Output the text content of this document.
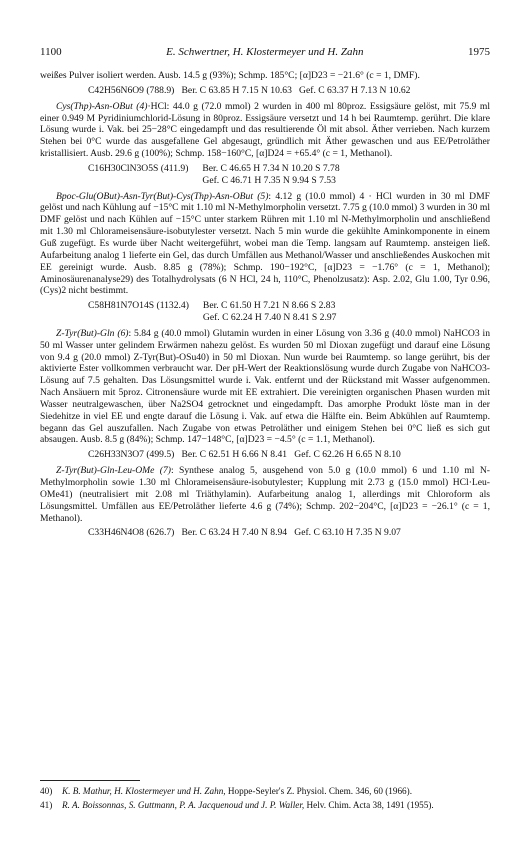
1100	E. Schwertner, H. Klostermeyer und H. Zahn	1975

weißes Pulver isoliert werden. Ausb. 14.5 g (93%); Schmp. 185°C; [α]D23 = −21.6° (c = 1, DMF).

C42H56N6O9 (788.9)   Ber. C 63.85 H 7.15 N 10.63   Gef. C 63.37 H 7.13 N 10.62

Cys(Thp)-Asn-OBut (4)·HCl: 44.0 g (72.0 mmol) 2 wurden in 400 ml 80proz. Essigsäure gelöst, mit 75.9 ml einer 0.949 M Pyridiniumchlorid-Lösung in 80proz. Essigsäure versetzt und 14 h bei Raumtemp. gerührt. Die klare Lösung wurde i. Vak. bei 25−28°C eingedampft und das resultierende Öl mit absol. Äther verrieben. Nach kurzem Stehen bei 0°C wurde das ausgefallene Gel abgesaugt, gründlich mit Äther gewaschen und aus EE/Petroläther kristallisiert. Ausb. 29.6 g (100%); Schmp. 158−160°C, [α]D24 = +65.4° (c = 1, Methanol).

C16H30ClN3O5S (411.9) Ber. C 46.65 H 7.34 N 10.20 S 7.78
Gef. C 46.71 H 7.35 N 9.94 S 7.53

Bpoc-Glu(OBut)-Asn-Tyr(But)-Cys(Thp)-Asn-OBut (5): 4.12 g (10.0 mmol) 4 · HCl wurden in 30 ml DMF gelöst und nach Kühlung auf −15°C mit 1.10 ml N-Methylmorpholin versetzt. 7.75 g (10.0 mmol) 3 wurden in 30 ml DMF gelöst und nach Kühlen auf −15°C unter starkem Rühren mit 1.10 ml N-Methylmorpholin und anschließend mit 1.30 ml Chlorameisensäure-isobutylester versetzt. Nach 5 min wurde die gekühlte Aminkomponente in einem Guß zugefügt. Es wurde über Nacht weitergeführt, wobei man die Temp. langsam auf Raumtemp. ansteigen ließ. Aufarbeitung analog 1 lieferte ein Gel, das durch Umfällen aus Methanol/Wasser und anschließendes Auskochen mit EE gereinigt wurde. Ausb. 8.85 g (78%); Schmp. 190−192°C, [α]D23 = −1.76° (c = 1, Methanol); Aminosäurenanalyse29) des Totalhydrolysats (6 N HCl, 24 h, 110°C, Phenolzusatz): Asp. 2.02, Glu 1.00, Tyr 0.96, (Cys)2 nicht bestimmt.

C58H81N7O14S (1132.4) Ber. C 61.50 H 7.21 N 8.66 S 2.83
Gef. C 62.24 H 7.40 N 8.41 S 2.97

Z-Tyr(But)-Gln (6): 5.84 g (40.0 mmol) Glutamin wurden in einer Lösung von 3.36 g (40.0 mmol) NaHCO3 in 50 ml Wasser unter gelindem Erwärmen nahezu gelöst. Es wurden 50 ml Dioxan zugefügt und darauf eine Lösung von 9.4 g (20.0 mmol) Z-Tyr(But)-OSu40) in 50 ml Dioxan. Nun wurde bei Raumtemp. so lange gerührt, bis der aktivierte Ester vollkommen verbraucht war. Der pH-Wert der Reaktionslösung wurde durch Zugabe von NaHCO3-Lösung auf 7.5 gehalten. Das Lösungsmittel wurde i. Vak. entfernt und der Rückstand mit Wasser aufgenommen. Nach Ansäuern mit 5proz. Citronensäure wurde mit EE extrahiert. Die vereinigten organischen Phasen wurden mit Wasser neutralgewaschen, über Na2SO4 getrocknet und eingedampft. Das amorphe Produkt löste man in der Siedehitze in viel EE und engte darauf die Lösung i. Vak. auf etwa die Hälfte ein. Beim Abkühlen auf Raumtemp. begann das Gel auszufallen. Nach Zugabe von etwas Petroläther und einigem Stehen bei 0°C ließ es sich gut absaugen. Ausb. 8.5 g (84%); Schmp. 147−148°C, [α]D23 = −4.5° (c = 1.1, Methanol).

C26H33N3O7 (499.5)   Ber. C 62.51 H 6.66 N 8.41   Gef. C 62.26 H 6.65 N 8.10

Z-Tyr(But)-Gln-Leu-OMe (7): Synthese analog 5, ausgehend von 5.0 g (10.0 mmol) 6 und 1.10 ml N-Methylmorpholin sowie 1.30 ml Chlorameisensäure-isobutylester; Kupplung mit 2.73 g (15.0 mmol) HCl·Leu-OMe41) (neutralisiert mit 2.08 ml Triäthylamin). Aufarbeitung analog 1, allerdings mit Chloroform als Lösungsmittel. Umfällen aus EE/Petroläther lieferte 4.6 g (74%); Schmp. 202−204°C, [α]D23 = −26.1° (c = 1, Methanol).

C33H46N4O8 (626.7)   Ber. C 63.24 H 7.40 N 8.94   Gef. C 63.10 H 7.35 N 9.07
40)	K. B. Mathur, H. Klostermeyer und H. Zahn, Hoppe-Seyler's Z. Physiol. Chem. 346, 60 (1966).
41)	R. A. Boissonnas, S. Guttmann, P. A. Jacquenoud und J. P. Waller, Helv. Chim. Acta 38, 1491 (1955).
